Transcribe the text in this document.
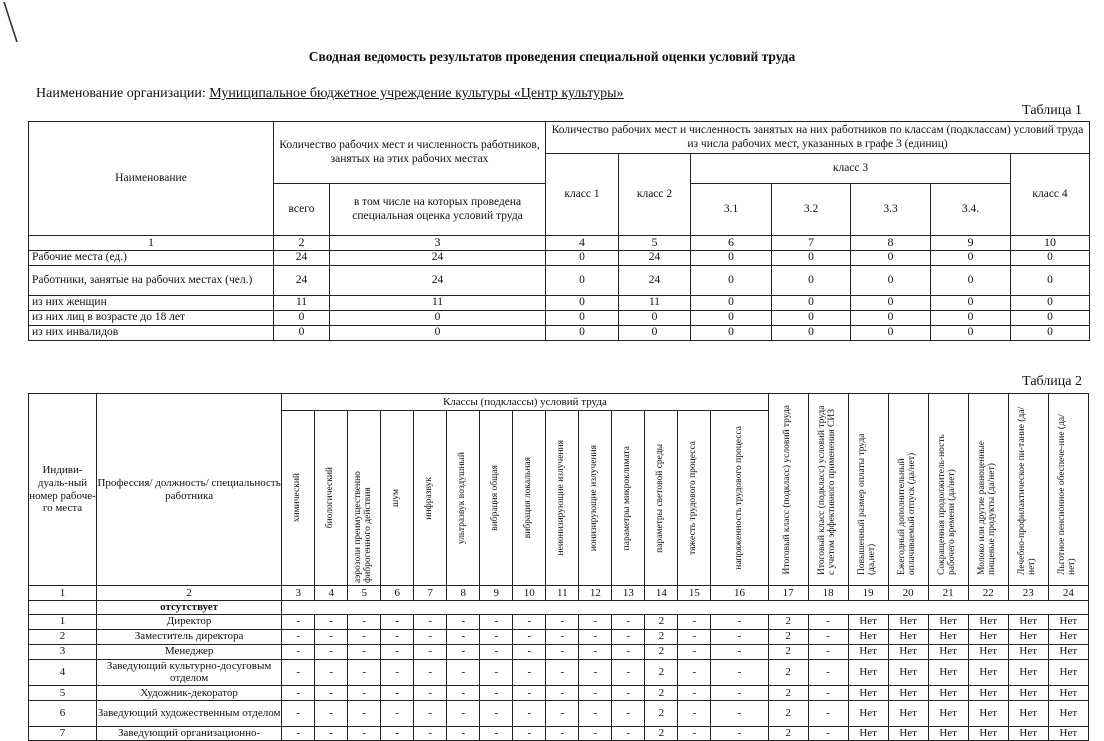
Сводная ведомость результатов проведения специальной оценки условий труда
Наименование организации: Муниципальное бюджетное учреждение культуры «Центр культуры»
Таблица 1
Наименование	Количество рабочих мест и численность работников, занятых на этих рабочих местах		Количество рабочих мест и численность занятых на них работников по классам (подклассам) условий труда из числа рабочих мест, указанных в графе 3 (единиц)						
			класс 1	класс 2	класс 3				класс 4
	всего	в том числе на которых проведена специальная оценка условий труда			3.1	3.2	3.3	3.4.	
1	2	3	4	5	6	7	8	9	10
Рабочие места (ед.)	24	24	0	24	0	0	0	0	0
Работники, занятые на рабочих местах (чел.)	24	24	0	24	0	0	0	0	0
из них женщин	11	11	0	11	0	0	0	0	0
из них лиц в возрасте до 18 лет	0	0	0	0	0	0	0	0	0
из них инвалидов	0	0	0	0	0	0	0	0	0
Таблица 2
Индиви-дуаль-ный номер рабоче-го места	Профессия/ должность/ специальность работника	Классы (подклассы) условий труда														Итоговый класс (подкласс) условий труда	Итоговый класс (подкласс) условий труда с учетом эффективного применения СИЗ	Повышенный размер оплаты труда (да,нет)	Ежегодный дополнительный оплачиваемый отпуск (да/нет)	Сокращенная продолжитель-ность рабочего времени (да/нет)	Молоко или другие равноценные пищевые продукты (да/нет)	Лечебно-профилактическое пи-тание (да/нет)	Льготное пенсионное обеспече-ние (да/нет)

		химический	биологический	аэрозоли преимущественно фиброгенного действия	шум	инфразвук	ультразвук воздушный	вибрация общая	вибрация локальная	неионизирующие излучения	ионизирующие излучения	параметры микроклимата	параметры световой среды	тяжесть трудового процесса	напряженность трудового процесса								

1	2	3	4	5	6	7	8	9	10	11	12	13	14	15	16	17	18	19	20	21	22	23	24
	отсутствует																						
1	Директор	-	-	-	-	-	-	-	-	-	-	-	2	-	-	2	-	Нет	Нет	Нет	Нет	Нет	Нет
2	Заместитель директора	-	-	-	-	-	-	-	-	-	-	-	2	-	-	2	-	Нет	Нет	Нет	Нет	Нет	Нет
3	Менеджер	-	-	-	-	-	-	-	-	-	-	-	2	-	-	2	-	Нет	Нет	Нет	Нет	Нет	Нет
4	Заведующий культурно-досуговым отделом	-	-	-	-	-	-	-	-	-	-	-	2	-	-	2	-	Нет	Нет	Нет	Нет	Нет	Нет
5	Художник-декоратор	-	-	-	-	-	-	-	-	-	-	-	2	-	-	2	-	Нет	Нет	Нет	Нет	Нет	Нет
6	Заведующий художественным отделом	-	-	-	-	-	-	-	-	-	-	-	2	-	-	2	-	Нет	Нет	Нет	Нет	Нет	Нет
7	Заведующий организационно-	-	-	-	-	-	-	-	-	-	-	-	2	-	-	2	-	Нет	Нет	Нет	Нет	Нет	Нет
